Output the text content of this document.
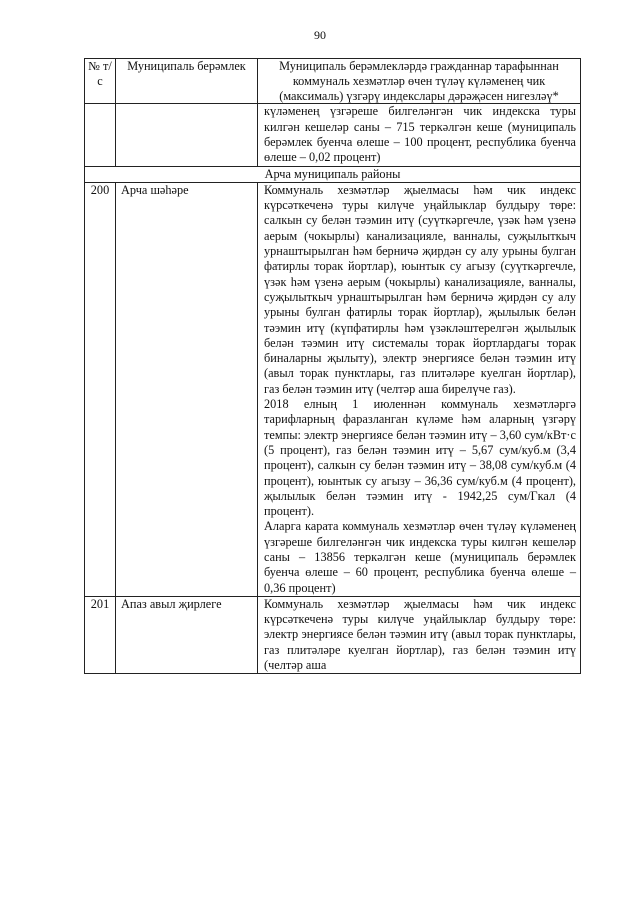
90
№ т/с	Муниципаль берәмлек	Муниципаль берәмлекләрдә гражданнар тарафыннан коммуналь хезмәтләр өчен түләү күләменең чик (максималь) үзгәрү индекслары дәрәҗәсен нигезләү*

		күләменең үзгәреше билгеләнгән чик индекска туры килгән кешеләр саны – 715 теркәлгән кеше (муниципаль берәмлек буенча өлеше – 100 процент, республика буенча өлеше – 0,02 процент)

Арча муниципаль районы		
200	Арча шәһәре	Коммуналь хезмәтләр җыелмасы һәм чик индекс күрсәткеченә туры килүче уңайлыклар булдыру төре: салкын су белән тәэмин итү (суүткәргечле, үзәк һәм үзенә аерым (чокырлы) канализацияле, ванналы, суҗылыткыч урнаштырылган һәм берничә җирдән су алу урыны булган фатирлы торак йортлар), юынтык су агызу (суүткәргечле, үзәк һәм үзенә аерым (чокырлы) канализацияле, ванналы, суҗылыткыч урнаштырылган һәм берничә җирдән су алу урыны булган фатирлы торак йортлар), җылылык белән тәэмин итү (күпфатирлы һәм үзәкләштерелгән җылылык белән тәэмин итү системалы торак йортлардагы торак биналарны җылыту), электр энергиясе белән тәэмин итү (авыл торак пунктлары, газ плитәләре куелган йортлар), газ белән тәэмин итү (челтәр аша бирелүче газ).

2018 елның 1 июленнән коммуналь хезмәтләргә тарифларның фаразланган күләме һәм аларның үзгәрү темпы: электр энергиясе белән тәэмин итү – 3,60 сум/кВт·с (5 процент), газ белән тәэмин итү – 5,67 сум/куб.м (3,4 процент), салкын су белән тәэмин итү – 38,08 сум/куб.м (4 процент), юынтык су агызу – 36,36 сум/куб.м (4 процент), җылылык белән тәэмин итү - 1942,25 сум/Гкал (4 процент).

Аларга карата коммуналь хезмәтләр өчен түләү күләменең үзгәреше билгеләнгән чик индекска туры килгән кешеләр саны – 13856 теркәлгән кеше (муниципаль берәмлек буенча өлеше – 60 процент, республика буенча өлеше – 0,36 процент)

201	Апаз авыл җирлеге	Коммуналь хезмәтләр җыелмасы һәм чик индекс күрсәткеченә туры килүче уңайлыклар булдыру төре: электр энергиясе белән тәэмин итү (авыл торак пунктлары, газ плитәләре куелган йортлар), газ белән тәэмин итү (челтәр аша
